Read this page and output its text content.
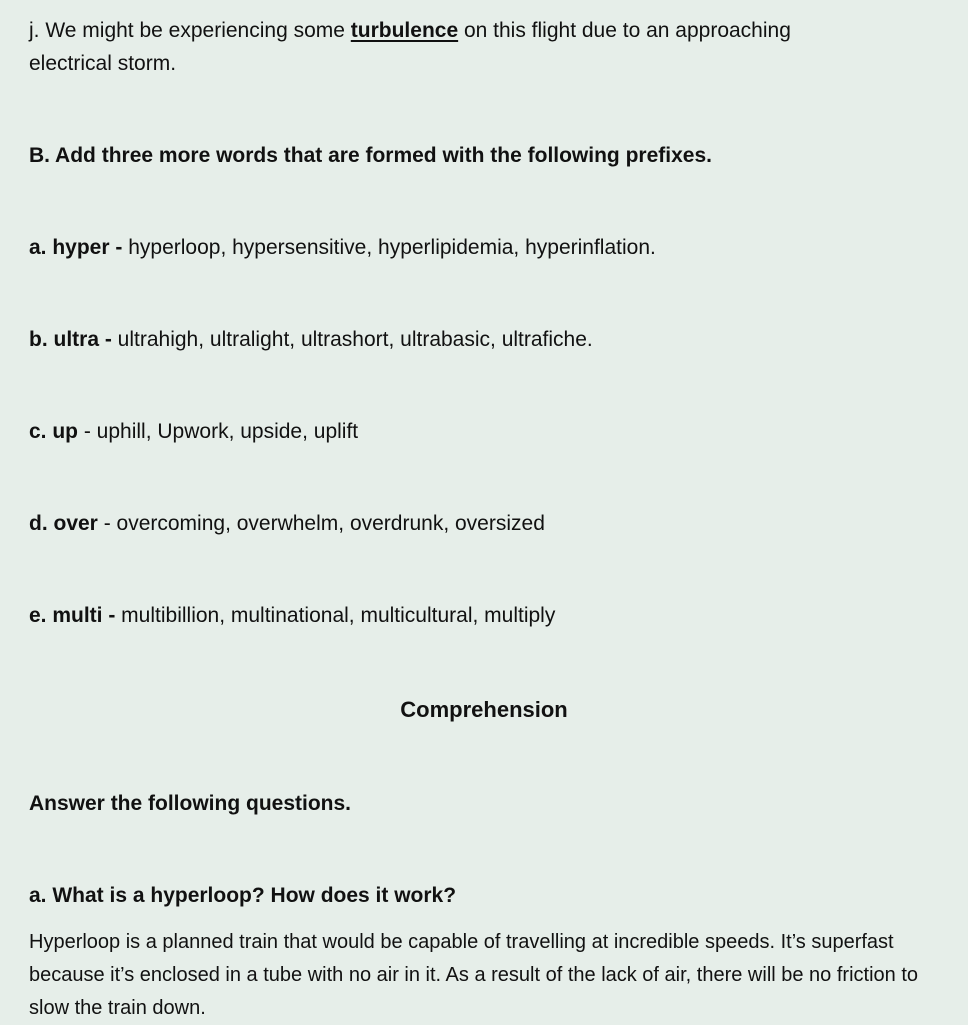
j. We might be experiencing some turbulence on this flight due to an approaching
electrical storm.
B. Add three more words that are formed with the following prefixes.
a. hyper - hyperloop, hypersensitive, hyperlipidemia, hyperinflation.
b. ultra - ultrahigh, ultralight, ultrashort, ultrabasic, ultrafiche.
c. up - uphill, Upwork, upside, uplift
d. over - overcoming, overwhelm, overdrunk, oversized
e. multi - multibillion, multinational, multicultural, multiply
Comprehension
Answer the following questions.
a. What is a hyperloop? How does it work?
Hyperloop is a planned train that would be capable of travelling at incredible speeds. It’s superfast because it’s enclosed in a tube with no air in it. As a result of the lack of air, there will be no friction to slow the train down.
